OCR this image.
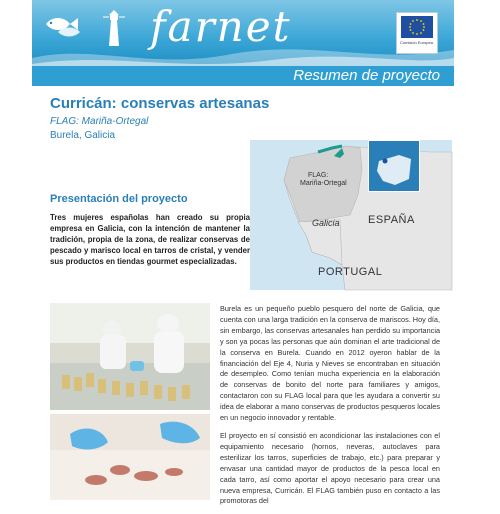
farnet	Comisión Europea
Resumen de proyecto
Curricán: conservas artesanas
FLAG: Mariña-Ortegal
Burela, Galicia
Presentación del proyecto
Tres mujeres españolas han creado su propia empresa en Galicia, con la intención de mantener la tradición, propia de la zona, de realizar conservas de pescado y marisco local en tarros de cristal, y vender sus productos en tiendas gourmet especializadas.
FLAG:
Mariña-Ortegal
Galicia	ESPAÑA
PORTUGAL

Burela es un pequeño pueblo pesquero del norte de Galicia, que cuenta con una larga tradición en la conserva de mariscos. Hoy día, sin embargo, las conservas artesanales han perdido su importancia y son ya pocas las personas que aún dominan el arte tradicional de la conserva en Burela. Cuando en 2012 oyeron hablar de la financiación del Eje 4, Nuria y Nieves se encontraban en situación de desempleo. Como tenían mucha experiencia en la elaboración de conservas de bonito del norte para familiares y amigos, contactaron con su FLAG local para que les ayudara a convertir su idea de elaborar a mano conservas de productos pesqueros locales en un negocio innovador y rentable.

El proyecto en sí consistió en acondicionar las instalaciones con el equipamiento necesario (hornos, neveras, autoclaves para esterilizar los tarros, superficies de trabajo, etc.) para preparar y envasar una cantidad mayor de productos de la pesca local en cada tarro, así como aportar el apoyo necesario para crear una nueva empresa, Curricán. El FLAG también puso en contacto a las promotoras del
